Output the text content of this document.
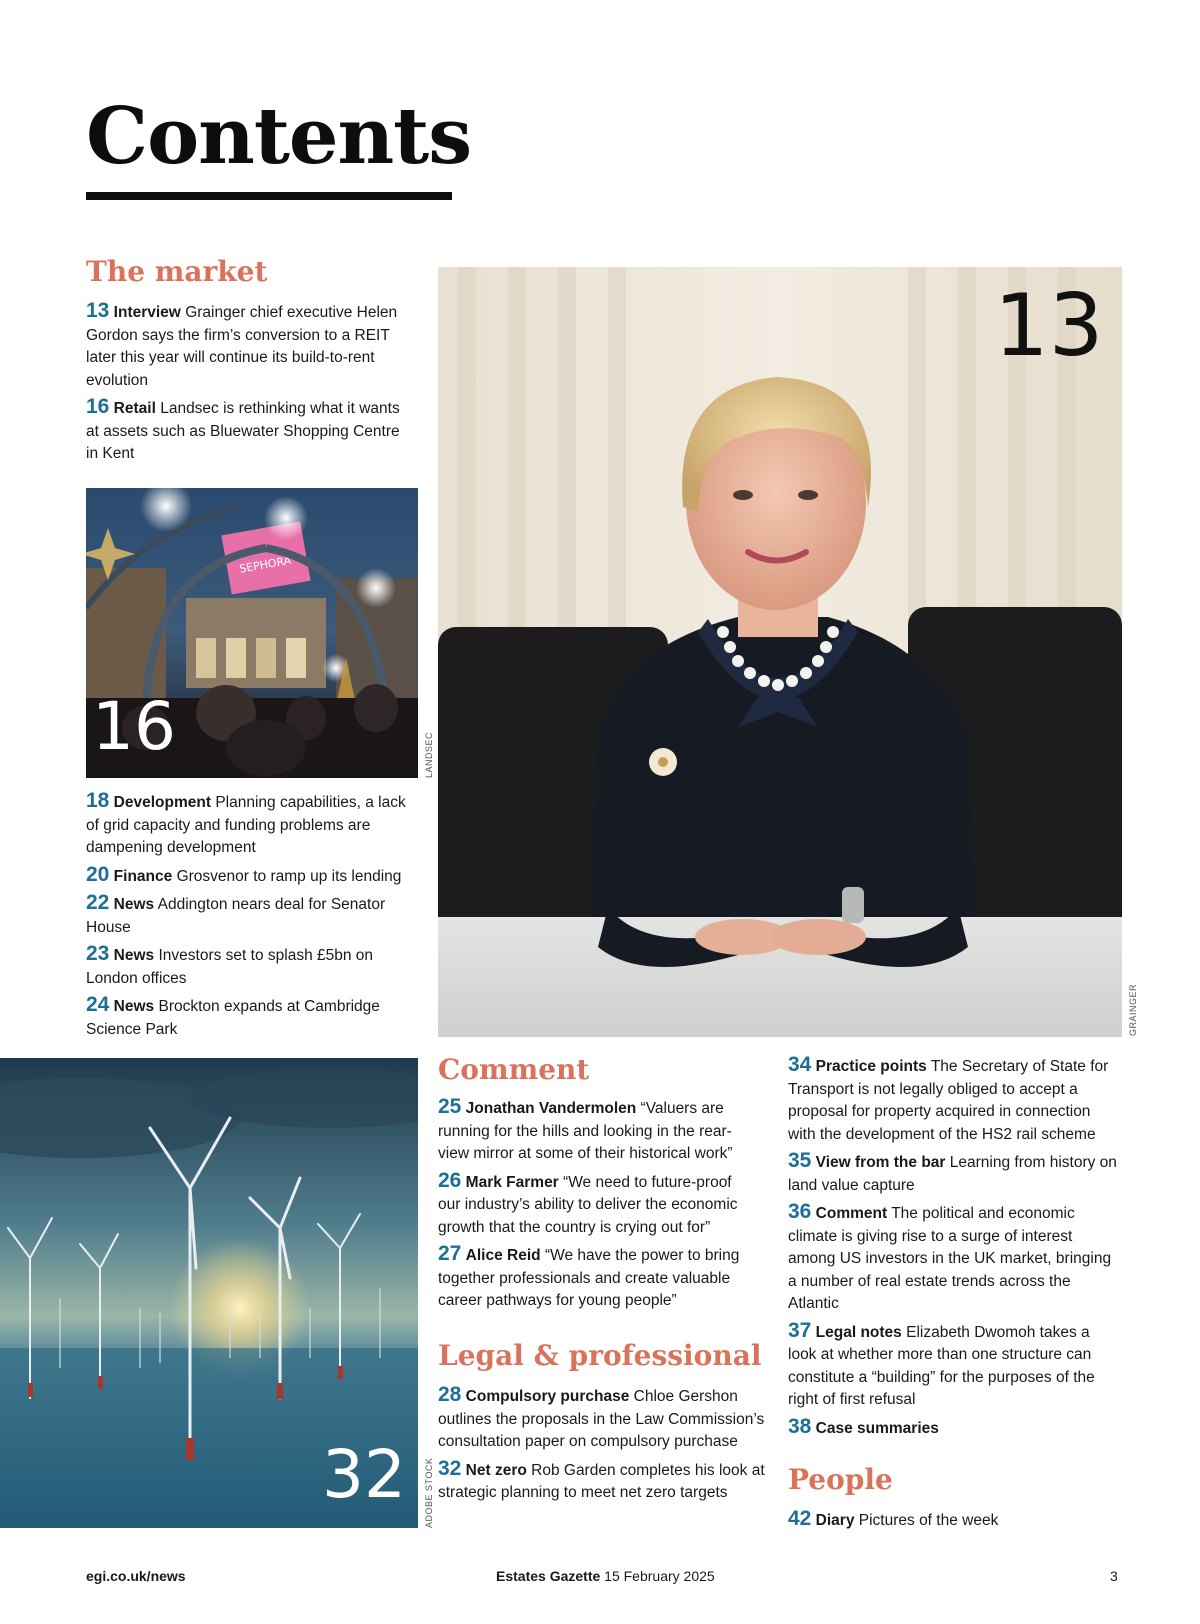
Contents
The market

13 Interview Grainger chief executive Helen Gordon says the firm’s conversion to a REIT later this year will continue its build-to-rent evolution

16 Retail Landsec is rethinking what it wants at assets such as Bluewater Shopping Centre in Kent

SEPHORA
16	LANDSEC

18 Development Planning capabilities, a lack of grid capacity and funding problems are dampening development

20 Finance Grosvenor to ramp up its lending

22 News Addington nears deal for Senator House

23 News Investors set to splash £5bn on London offices

24 News Brockton expands at Cambridge Science Park

13
GRAINGER
32 ADOBE STOCK
Comment

25 Jonathan Vandermolen “Valuers are running for the hills and looking in the rear-view mirror at some of their historical work”

26 Mark Farmer “We need to future-proof our industry’s ability to deliver the economic growth that the country is crying out for”

27 Alice Reid “We have the power to bring together professionals and create valuable career pathways for young people”

Legal & professional

28 Compulsory purchase Chloe Gershon outlines the proposals in the Law Commission’s consultation paper on compulsory purchase

32 Net zero Rob Garden completes his look at strategic planning to meet net zero targets

34 Practice points The Secretary of State for Transport is not legally obliged to accept a proposal for property acquired in connection with the development of the HS2 rail scheme

35 View from the bar Learning from history on land value capture

36 Comment The political and economic climate is giving rise to a surge of interest among US investors in the UK market, bringing a number of real estate trends across the Atlantic

37 Legal notes Elizabeth Dwomoh takes a look at whether more than one structure can constitute a “building” for the purposes of the right of first refusal

38 Case summaries

People

42 Diary Pictures of the week

egi.co.uk/news	Estates Gazette 15 February 2025	3
